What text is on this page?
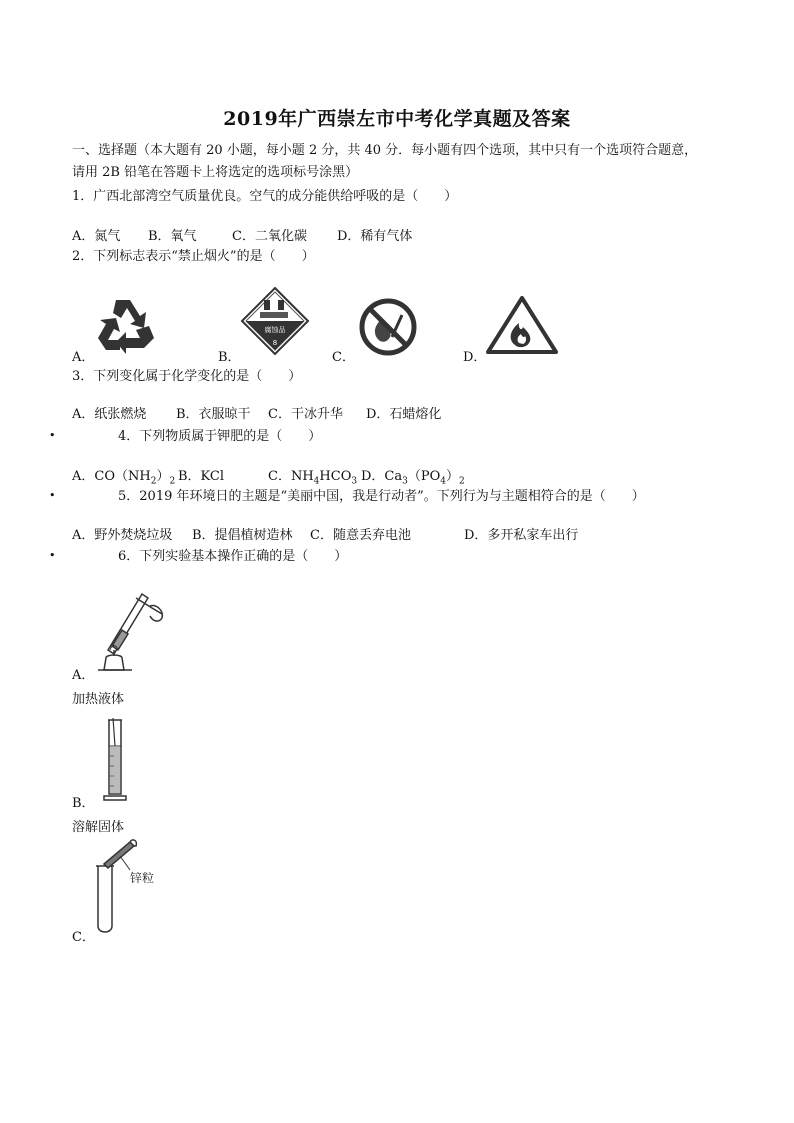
2019年广西崇左市中考化学真题及答案
一、选择题（本大题有 20 小题，每小题 2 分，共 40 分．每小题有四个选项，其中只有一个选项符合题意，
请用 2B 铅笔在答题卡上将选定的选项标号涂黑）
1．广西北部湾空气质量优良。空气的成分能供给呼吸的是（　　）
A．氮气 B．氧气	C．二氧化碳 D．稀有气体
2．下列标志表示“禁止烟火”的是（　　）
A．
腐蚀品
8
B．	C．	D．
3．下列变化属于化学变化的是（　　）
A．纸张燃烧 B．衣服晾干 C．干冰升华 D．石蜡熔化
•	4．下列物质属于钾肥的是（　　）
A．$CO(NH_2)_2$ B．KCl	C．$NH_4HCO_3$ D．$Ca_3(PO_4)_2$
•	5．2019 年环境日的主题是“美丽中国，我是行动者”。下列行为与主题相符合的是（　　）
A．野外焚烧垃圾 B．提倡植树造林 C．随意丢弃电池	D．多开私家车出行
•	6．下列实验基本操作正确的是（　　）
A．
加热液体
B．
溶解固体
锌粒
C．
